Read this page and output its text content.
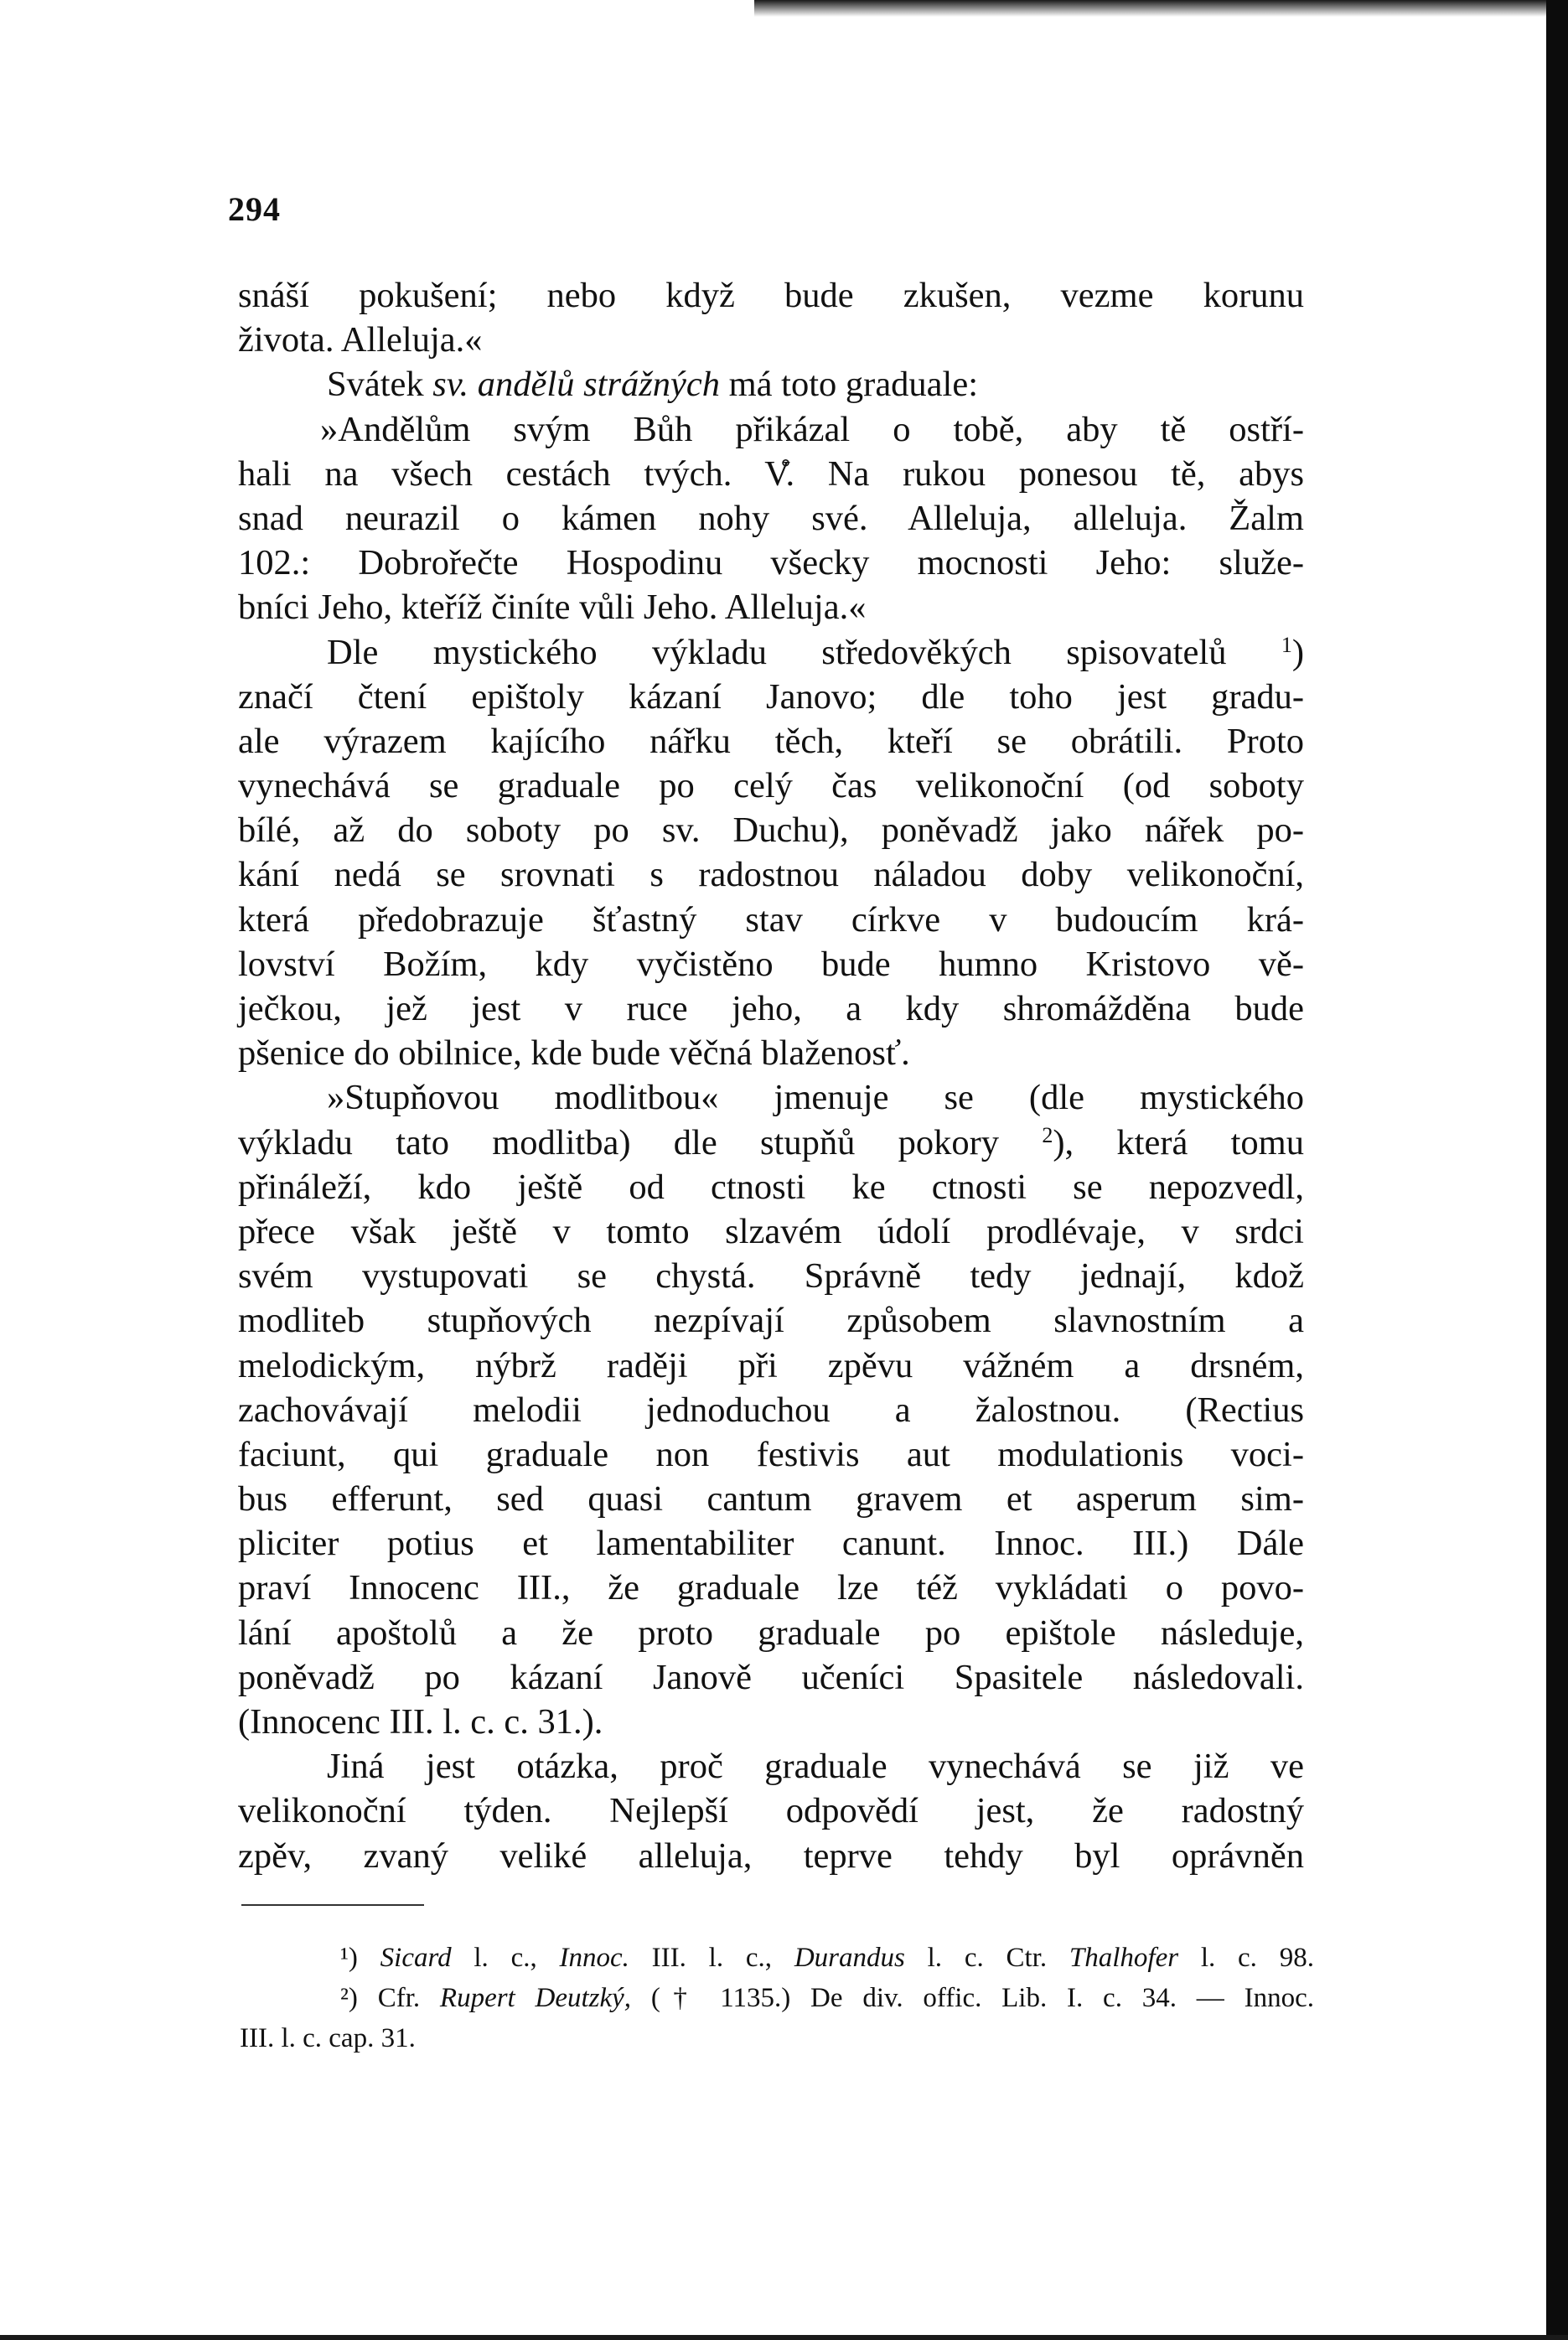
294
snáší pokušení; nebo když bude zkušen, vezme korunu
života. Alleluja.«
Svátek sv. andělů strážných má toto graduale:
»Andělům svým Bůh přikázal o tobě, aby tě ostří-
hali na všech cestách tvých. V̊. Na rukou ponesou tě, abys
snad neurazil o kámen nohy své. Alleluja, alleluja. Žalm
102.: Dobrořečte Hospodinu všecky mocnosti Jeho: služe-
bníci Jeho, kteříž činíte vůli Jeho. Alleluja.«
Dle mystického výkladu středověkých spisovatelů	$^1$)
značí čtení epištoly kázaní Janovo; dle toho jest gradu-
ale výrazem kajícího nářku těch, kteří se obrátili. Proto
vynechává se graduale po celý čas velikonoční (od soboty
bílé, až do soboty po sv. Duchu), poněvadž jako nářek po-
kání nedá se srovnati s radostnou náladou doby velikonoční,
která předobrazuje šťastný stav církve v budoucím krá-
lovství Božím, kdy vyčistěno bude humno Kristovo vě-
ječkou, jež jest v ruce jeho, a kdy shromážděna bude
pšenice do obilnice, kde bude věčná blaženosť.
»Stupňovou modlitbou« jmenuje se (dle mystického
výkladu tato modlitba) dle stupňů pokory $^2$), která tomu
přináleží, kdo ještě od ctnosti ke ctnosti se nepozvedl,
přece však ještě v tomto slzavém údolí prodlévaje, v srdci
svém vystupovati se chystá. Správně tedy jednají, kdož
modliteb stupňových nezpívají způsobem slavnostním a
melodickým, nýbrž raději při zpěvu vážném a drsném,
zachovávají melodii jednoduchou a žalostnou. (Rectius
faciunt, qui graduale non festivis aut modulationis voci-
bus efferunt, sed quasi cantum gravem et asperum sim-
pliciter potius et lamentabiliter canunt. Innoc. III.) Dále
praví Innocenc III., že graduale lze též vykládati o povo-
lání apoštolů a že proto graduale po epištole následuje,
poněvadž po kázaní Janově učeníci Spasitele následovali.
(Innocenc III. l. c. c. 31.).
Jiná jest otázka, proč graduale vynechává se již ve
velikonoční týden. Nejlepší odpovědí jest, že radostný
zpěv, zvaný veliké alleluja, teprve tehdy byl oprávněn
¹) Sicard l. c., Innoc. III. l. c., Durandus l. c. Ctr. Thalhofer l. c. 98.
²) Cfr. Rupert Deutzký, († 1135.) De div. offic. Lib. I. c. 34. — Innoc.
III. l. c. cap. 31.
